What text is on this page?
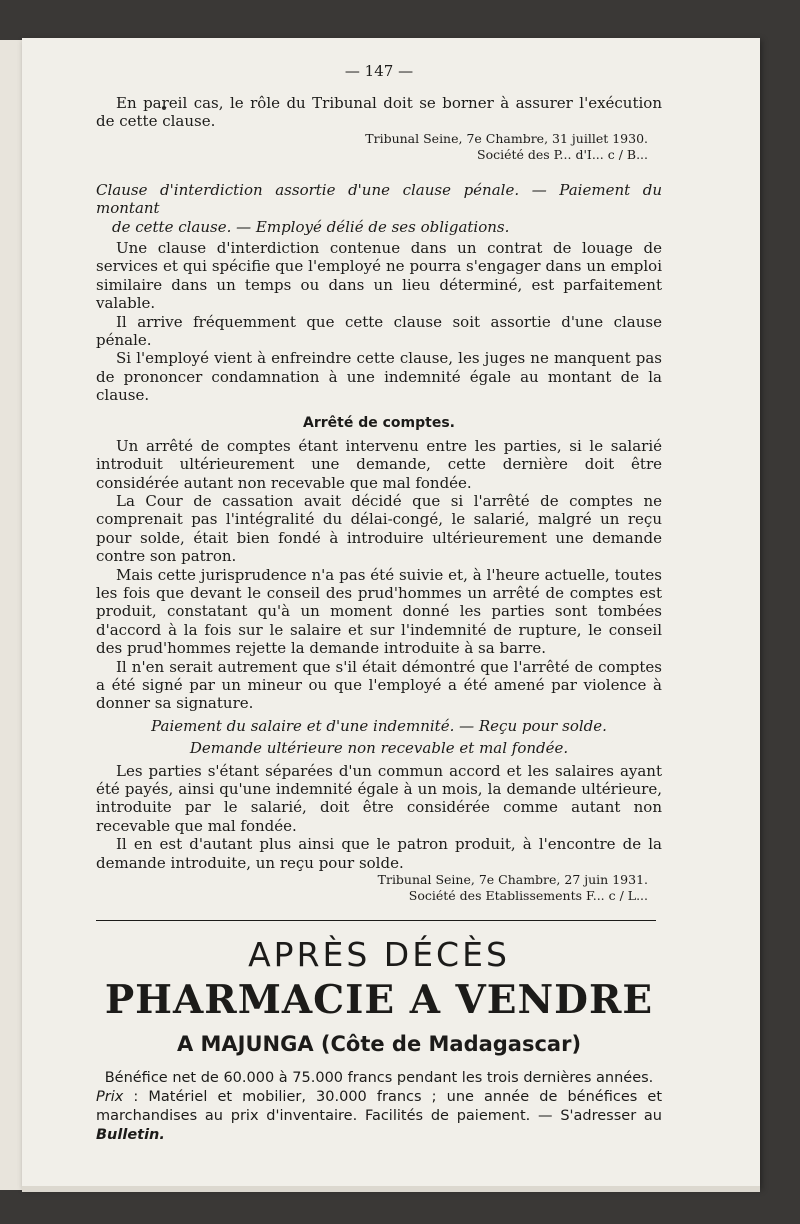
— 147 —

En pareil cas, le rôle du Tribunal doit se borner à assurer l'exécution de cette clause.

Tribunal Seine, 7e Chambre, 31 juillet 1930.

Société des P... d'I... c / B...

Clause d'interdiction assortie d'une clause pénale. — Paiement du montant
de cette clause. — Employé délié de ses obligations.

Une clause d'interdiction contenue dans un contrat de louage de services et qui spécifie que l'employé ne pourra s'engager dans un emploi similaire dans un temps ou dans un lieu déterminé, est parfaitement valable.

Il arrive fréquemment que cette clause soit assortie d'une clause pénale.

Si l'employé vient à enfreindre cette clause, les juges ne manquent pas de prononcer condamnation à une indemnité égale au montant de la clause.

Arrêté de comptes.

Un arrêté de comptes étant intervenu entre les parties, si le salarié introduit ultérieurement une demande, cette dernière doit être considérée autant non recevable que mal fondée.

La Cour de cassation avait décidé que si l'arrêté de comptes ne comprenait pas l'intégralité du délai-congé, le salarié, malgré un reçu pour solde, était bien fondé à introduire ultérieurement une demande contre son patron.

Mais cette jurisprudence n'a pas été suivie et, à l'heure actuelle, toutes les fois que devant le conseil des prud'hommes un arrêté de comptes est produit, constatant qu'à un moment donné les parties sont tombées d'accord à la fois sur le salaire et sur l'indemnité de rupture, le conseil des prud'hommes rejette la demande introduite à sa barre.

Il n'en serait autrement que s'il était démontré que l'arrêté de comptes a été signé par un mineur ou que l'employé a été amené par violence à donner sa signature.

Paiement du salaire et d'une indemnité. — Reçu pour solde.

Demande ultérieure non recevable et mal fondée.

Les parties s'étant séparées d'un commun accord et les salaires ayant été payés, ainsi qu'une indemnité égale à un mois, la demande ultérieure, introduite par le salarié, doit être considérée comme autant non recevable que mal fondée.

Il en est d'autant plus ainsi que le patron produit, à l'encontre de la demande introduite, un reçu pour solde.

Tribunal Seine, 7e Chambre, 27 juin 1931.

Société des Etablissements F... c / L...

APRÈS DÉCÈS
PHARMACIE A VENDRE
A MAJUNGA (Côte de Madagascar)
Bénéfice net de 60.000 à 75.000 francs pendant les trois dernières années.
Prix : Matériel et mobilier, 30.000 francs ; une année de bénéfices et marchandises au prix d'inventaire. Facilités de paiement. — S'adresser au Bulletin.
